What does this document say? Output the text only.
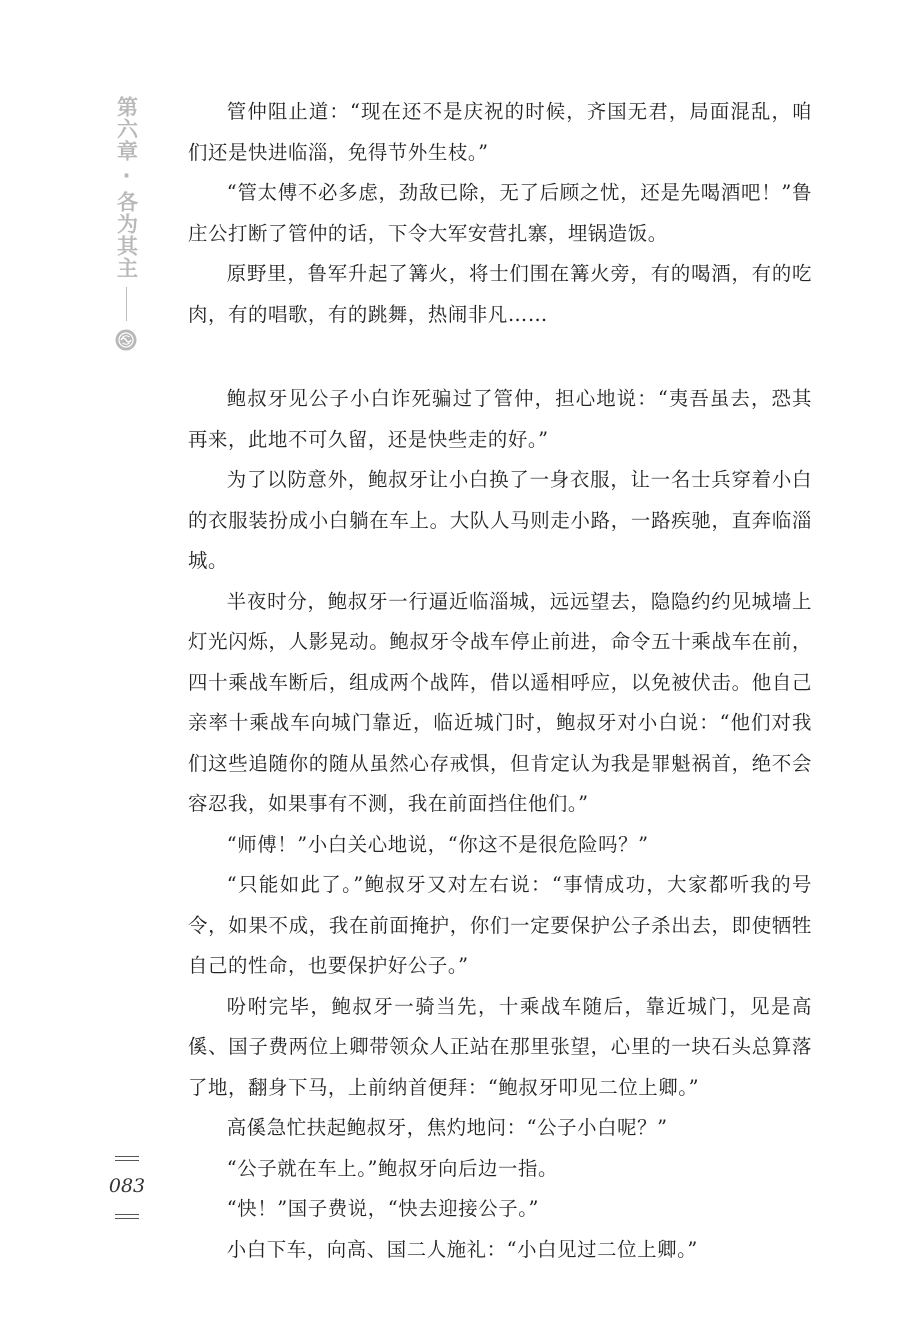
第六章
·
各为其主

管仲阻止道：“现在还不是庆祝的时候，齐国无君，局面混乱，咱们还是快进临淄，免得节外生枝。”

“管太傅不必多虑，劲敌已除，无了后顾之忧，还是先喝酒吧！”鲁庄公打断了管仲的话，下令大军安营扎寨，埋锅造饭。

原野里，鲁军升起了篝火，将士们围在篝火旁，有的喝酒，有的吃肉，有的唱歌，有的跳舞，热闹非凡……

鲍叔牙见公子小白诈死骗过了管仲，担心地说：“夷吾虽去，恐其再来，此地不可久留，还是快些走的好。”

为了以防意外，鲍叔牙让小白换了一身衣服，让一名士兵穿着小白的衣服装扮成小白躺在车上。大队人马则走小路，一路疾驰，直奔临淄城。

半夜时分，鲍叔牙一行逼近临淄城，远远望去，隐隐约约见城墙上灯光闪烁，人影晃动。鲍叔牙令战车停止前进，命令五十乘战车在前，四十乘战车断后，组成两个战阵，借以遥相呼应，以免被伏击。他自己亲率十乘战车向城门靠近，临近城门时，鲍叔牙对小白说：“他们对我们这些追随你的随从虽然心存戒惧，但肯定认为我是罪魁祸首，绝不会容忍我，如果事有不测，我在前面挡住他们。”

“师傅！”小白关心地说，“你这不是很危险吗？”

“只能如此了。”鲍叔牙又对左右说：“事情成功，大家都听我的号令，如果不成，我在前面掩护，你们一定要保护公子杀出去，即使牺牲自己的性命，也要保护好公子。”

吩咐完毕，鲍叔牙一骑当先，十乘战车随后，靠近城门，见是高傒、国子费两位上卿带领众人正站在那里张望，心里的一块石头总算落了地，翻身下马，上前纳首便拜：“鲍叔牙叩见二位上卿。”

高傒急忙扶起鲍叔牙，焦灼地问：“公子小白呢？”

“公子就在车上。”鲍叔牙向后边一指。

“快！”国子费说，“快去迎接公子。”

小白下车，向高、国二人施礼：“小白见过二位上卿。”

083
